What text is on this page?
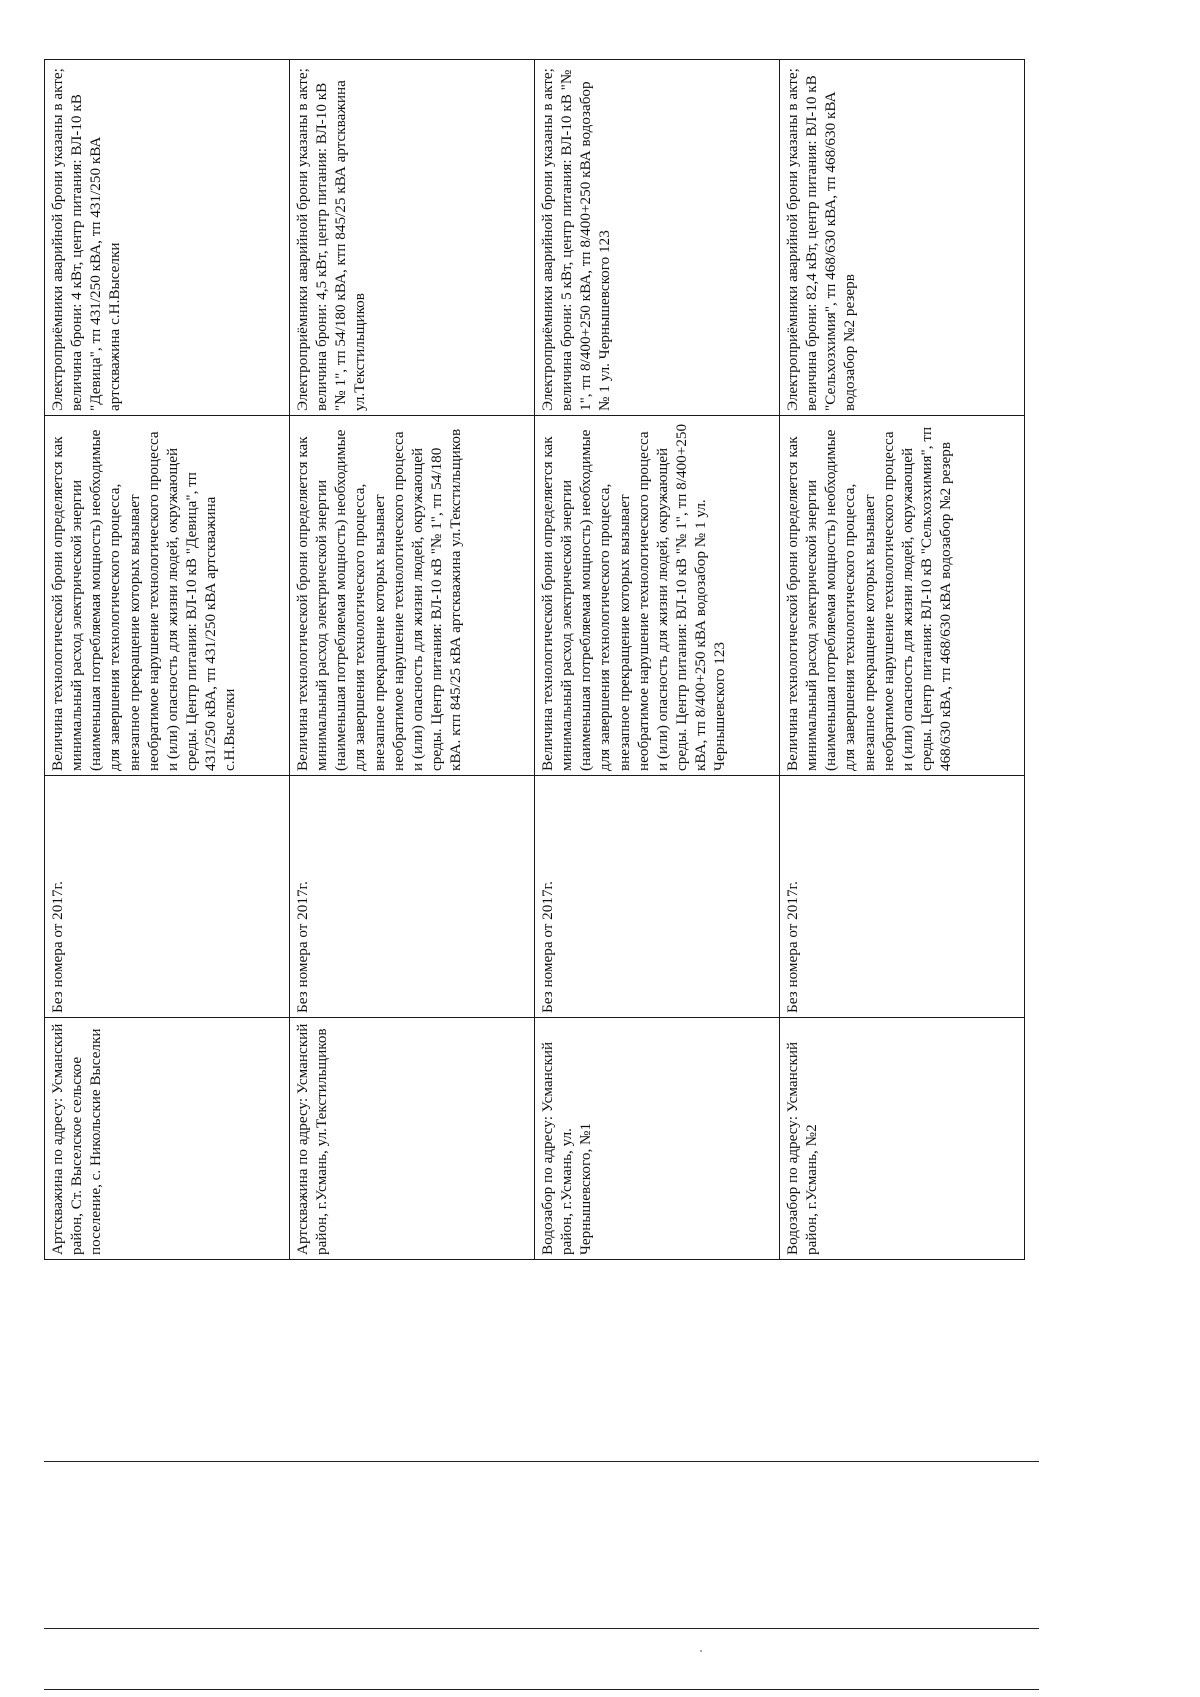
Артскважина по адресу: Усманский район, Ст. Выселское сельское поселение, с. Никольские Выселки	Без номера от 2017г.	Величина технологической брони определяется как минимальный расход электрической энергии (наименьшая потребляемая мощность) необходимые для завершения технологического процесса, внезапное прекращение которых вызывает необратимое нарушение технологического процесса и (или) опасность для жизни людей, окружающей среды. Центр питания: ВЛ-10 кВ "Девица", тп 431/250 кВА, тп 431/250 кВА артскважина с.Н.Выселки	Электроприёмники аварийной брони указаны в акте; величина брони: 4 кВт, центр питания: ВЛ-10 кВ "Девица", тп 431/250 кВА, тп 431/250 кВА артскважина с.Н.Выселки
Артскважина по адресу: Усманский район, г.Усмань, ул.Текстильщиков	Без номера от 2017г.	Величина технологической брони определяется как минимальный расход электрической энергии (наименьшая потребляемая мощность) необходимые для завершения технологического процесса, внезапное прекращение которых вызывает необратимое нарушение технологического процесса и (или) опасность для жизни людей, окружающей среды. Центр питания: ВЛ-10 кВ "№ 1", тп 54/180 кВА. ктп 845/25 кВА артскважина ул.Текстильщиков	Электроприёмники аварийной брони указаны в акте; величина брони: 4,5 кВт, центр питания: ВЛ-10 кВ "№ 1", тп 54/180 кВА, ктп 845/25 кВА артскважина ул.Текстильщиков
Водозабор по адресу: Усманский район, г.Усмань, ул. Чернышевского, №1	Без номера от 2017г.	Величина технологической брони определяется как минимальный расход электрической энергии (наименьшая потребляемая мощность) необходимые для завершения технологического процесса, внезапное прекращение которых вызывает необратимое нарушение технологического процесса и (или) опасность для жизни людей, окружающей среды. Центр питания: ВЛ-10 кВ "№ 1", тп 8/400+250 кВА, тп 8/400+250 кВА водозабор № 1 ул. Чернышевского 123	Электроприёмники аварийной брони указаны в акте; величина брони: 5 кВт, центр питания: ВЛ-10 кВ "№ 1", тп 8/400+250 кВА, тп 8/400+250 кВА водозабор № 1 ул. Чернышевского 123
Водозабор по адресу: Усманский район, г.Усмань, №2	Без номера от 2017г.	Величина технологической брони определяется как минимальный расход электрической энергии (наименьшая потребляемая мощность) необходимые для завершения технологического процесса, внезапное прекращение которых вызывает необратимое нарушение технологического процесса и (или) опасность для жизни людей, окружающей среды. Центр питания: ВЛ-10 кВ "Сельхозхимия", тп 468/630 кВА, тп 468/630 кВА водозабор №2 резерв	Электроприёмники аварийной брони указаны в акте; величина брони: 82,4 кВт, центр питания: ВЛ-10 кВ "Сельхозхимия", тп 468/630 кВА, тп 468/630 кВА водозабор №2 резерв
